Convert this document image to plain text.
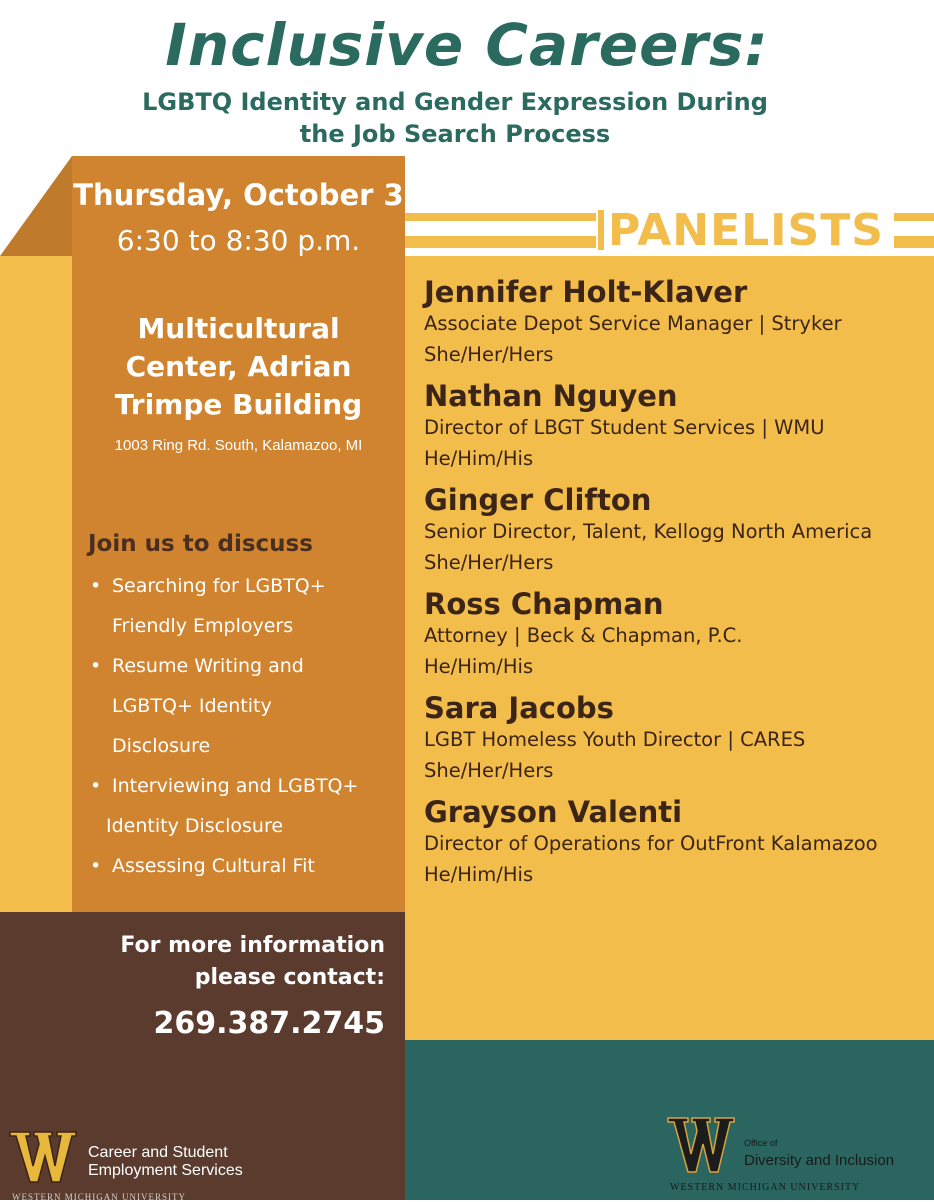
Inclusive Careers:
LGBTQ Identity and Gender Expression During
the Job Search Process
PANELISTS
Thursday, October 3
6:30 to 8:30 p.m.
Multicultural
Center, Adrian
Trimpe Building
1003 Ring Rd. South, Kalamazoo, MI
Join us to discuss
• Searching for LGBTQ+
Friendly Employers
• Resume Writing and
LGBTQ+ Identity
Disclosure
• Interviewing and LGBTQ+
Identity Disclosure
• Assessing Cultural Fit
For more information
please contact:
269.387.2745
Jennifer Holt-Klaver
Associate Depot Service Manager | Stryker
She/Her/Hers
Nathan Nguyen
Director of LBGT Student Services | WMU
He/Him/His
Ginger Clifton
Senior Director, Talent, Kellogg North America
She/Her/Hers
Ross Chapman
Attorney | Beck & Chapman, P.C.
He/Him/His
Sara Jacobs
LGBT Homeless Youth Director | CARES
She/Her/Hers
Grayson Valenti
Director of Operations for OutFront Kalamazoo
He/Him/His
Career and Student
Employment Services
WESTERN MICHIGAN UNIVERSITY
Office of
Diversity and Inclusion
WESTERN MICHIGAN UNIVERSITY
